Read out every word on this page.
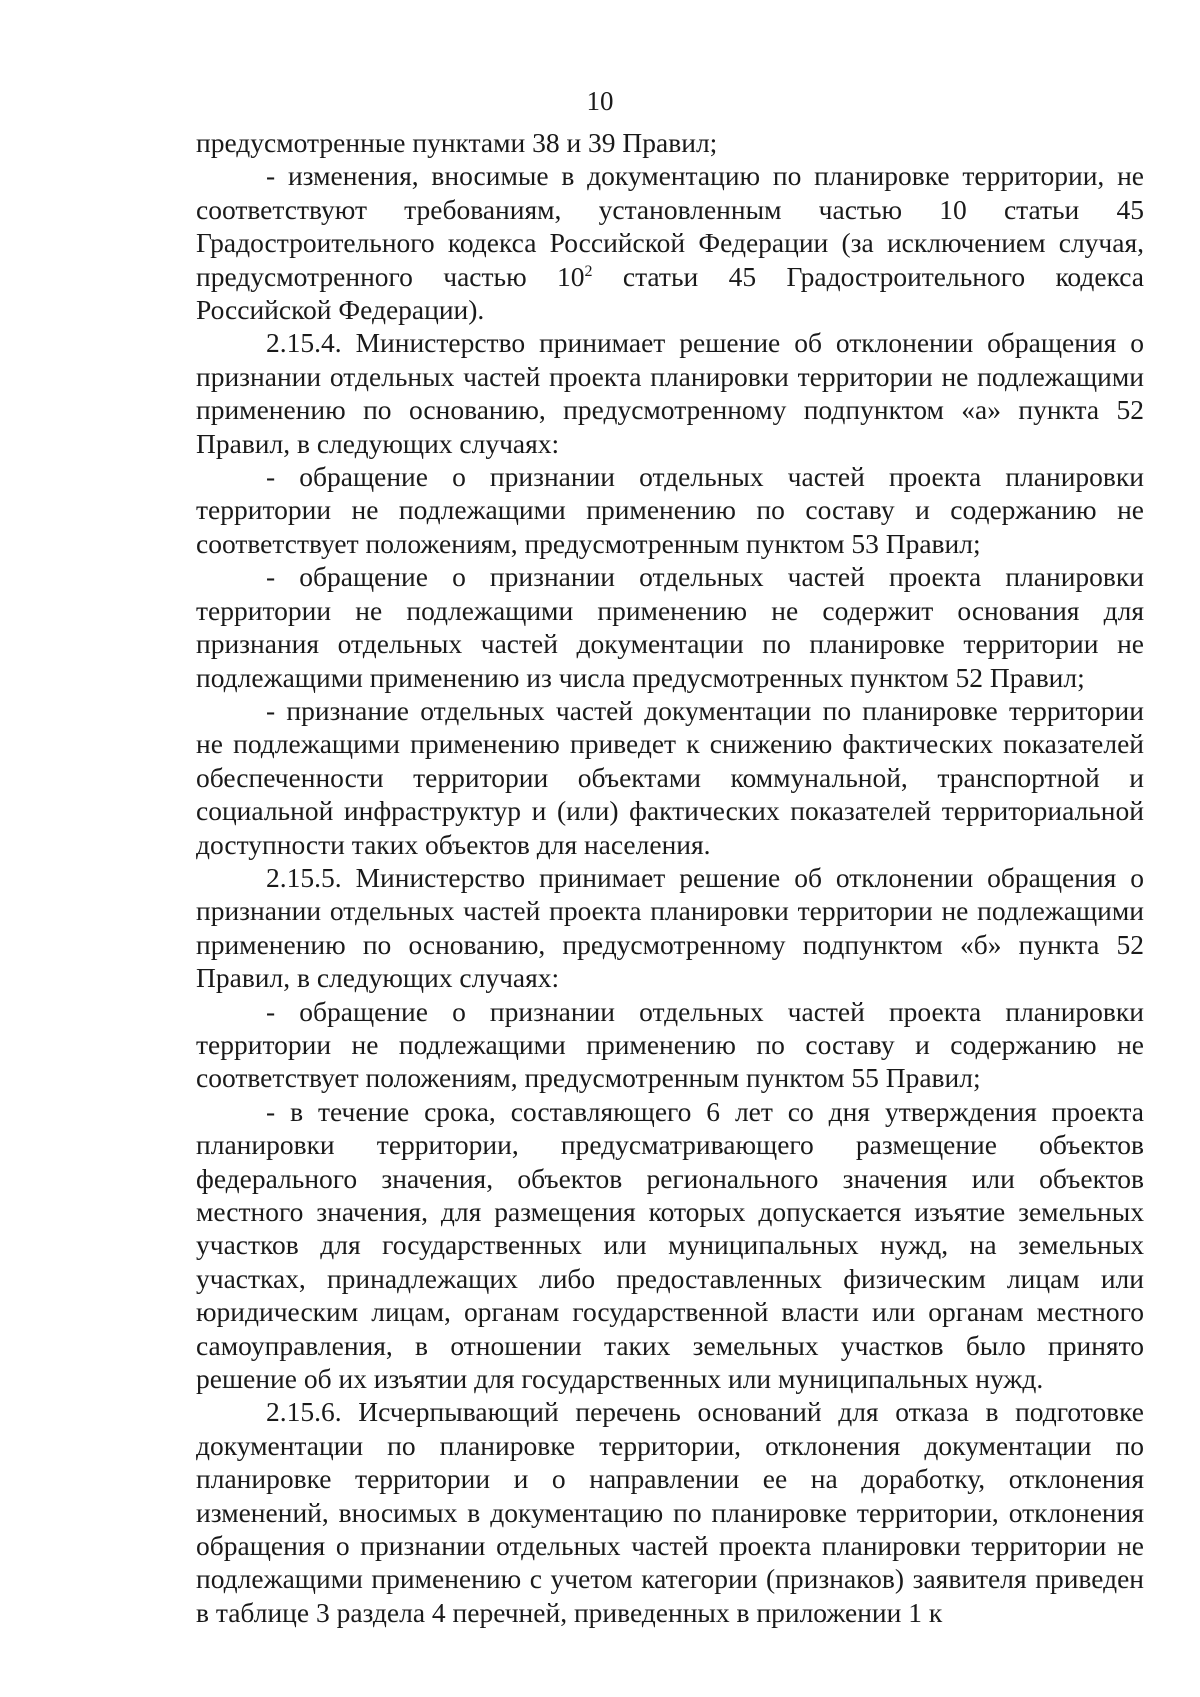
10

предусмотренные пунктами 38 и 39 Правил;

- изменения, вносимые в документацию по планировке территории, не соответствуют требованиям, установленным частью 10 статьи 45 Градостроительного кодекса Российской Федерации (за исключением случая, предусмотренного частью $10^2$ статьи 45 Градостроительного кодекса Российской Федерации).

2.15.4. Министерство принимает решение об отклонении обращения о признании отдельных частей проекта планировки территории не подлежащими применению по основанию, предусмотренному подпунктом «а» пункта 52 Правил, в следующих случаях:

- обращение о признании отдельных частей проекта планировки территории не подлежащими применению по составу и содержанию не соответствует положениям, предусмотренным пунктом 53 Правил;

- обращение о признании отдельных частей проекта планировки территории не подлежащими применению не содержит основания для признания отдельных частей документации по планировке территории не подлежащими применению из числа предусмотренных пунктом 52 Правил;

- признание отдельных частей документации по планировке территории не подлежащими применению приведет к снижению фактических показателей обеспеченности территории объектами коммунальной, транспортной и социальной инфраструктур и (или) фактических показателей территориальной доступности таких объектов для населения.

2.15.5. Министерство принимает решение об отклонении обращения о признании отдельных частей проекта планировки территории не подлежащими применению по основанию, предусмотренному подпунктом «б» пункта 52 Правил, в следующих случаях:

- обращение о признании отдельных частей проекта планировки территории не подлежащими применению по составу и содержанию не соответствует положениям, предусмотренным пунктом 55 Правил;

- в течение срока, составляющего 6 лет со дня утверждения проекта планировки территории, предусматривающего размещение объектов федерального значения, объектов регионального значения или объектов местного значения, для размещения которых допускается изъятие земельных участков для государственных или муниципальных нужд, на земельных участках, принадлежащих либо предоставленных физическим лицам или юридическим лицам, органам государственной власти или органам местного самоуправления, в отношении таких земельных участков было принято решение об их изъятии для государственных или муниципальных нужд.

2.15.6. Исчерпывающий перечень оснований для отказа в подготовке документации по планировке территории, отклонения документации по планировке территории и о направлении ее на доработку, отклонения изменений, вносимых в документацию по планировке территории, отклонения обращения о признании отдельных частей проекта планировки территории не подлежащими применению с учетом категории (признаков) заявителя приведен в таблице 3 раздела 4 перечней, приведенных в приложении 1 к
